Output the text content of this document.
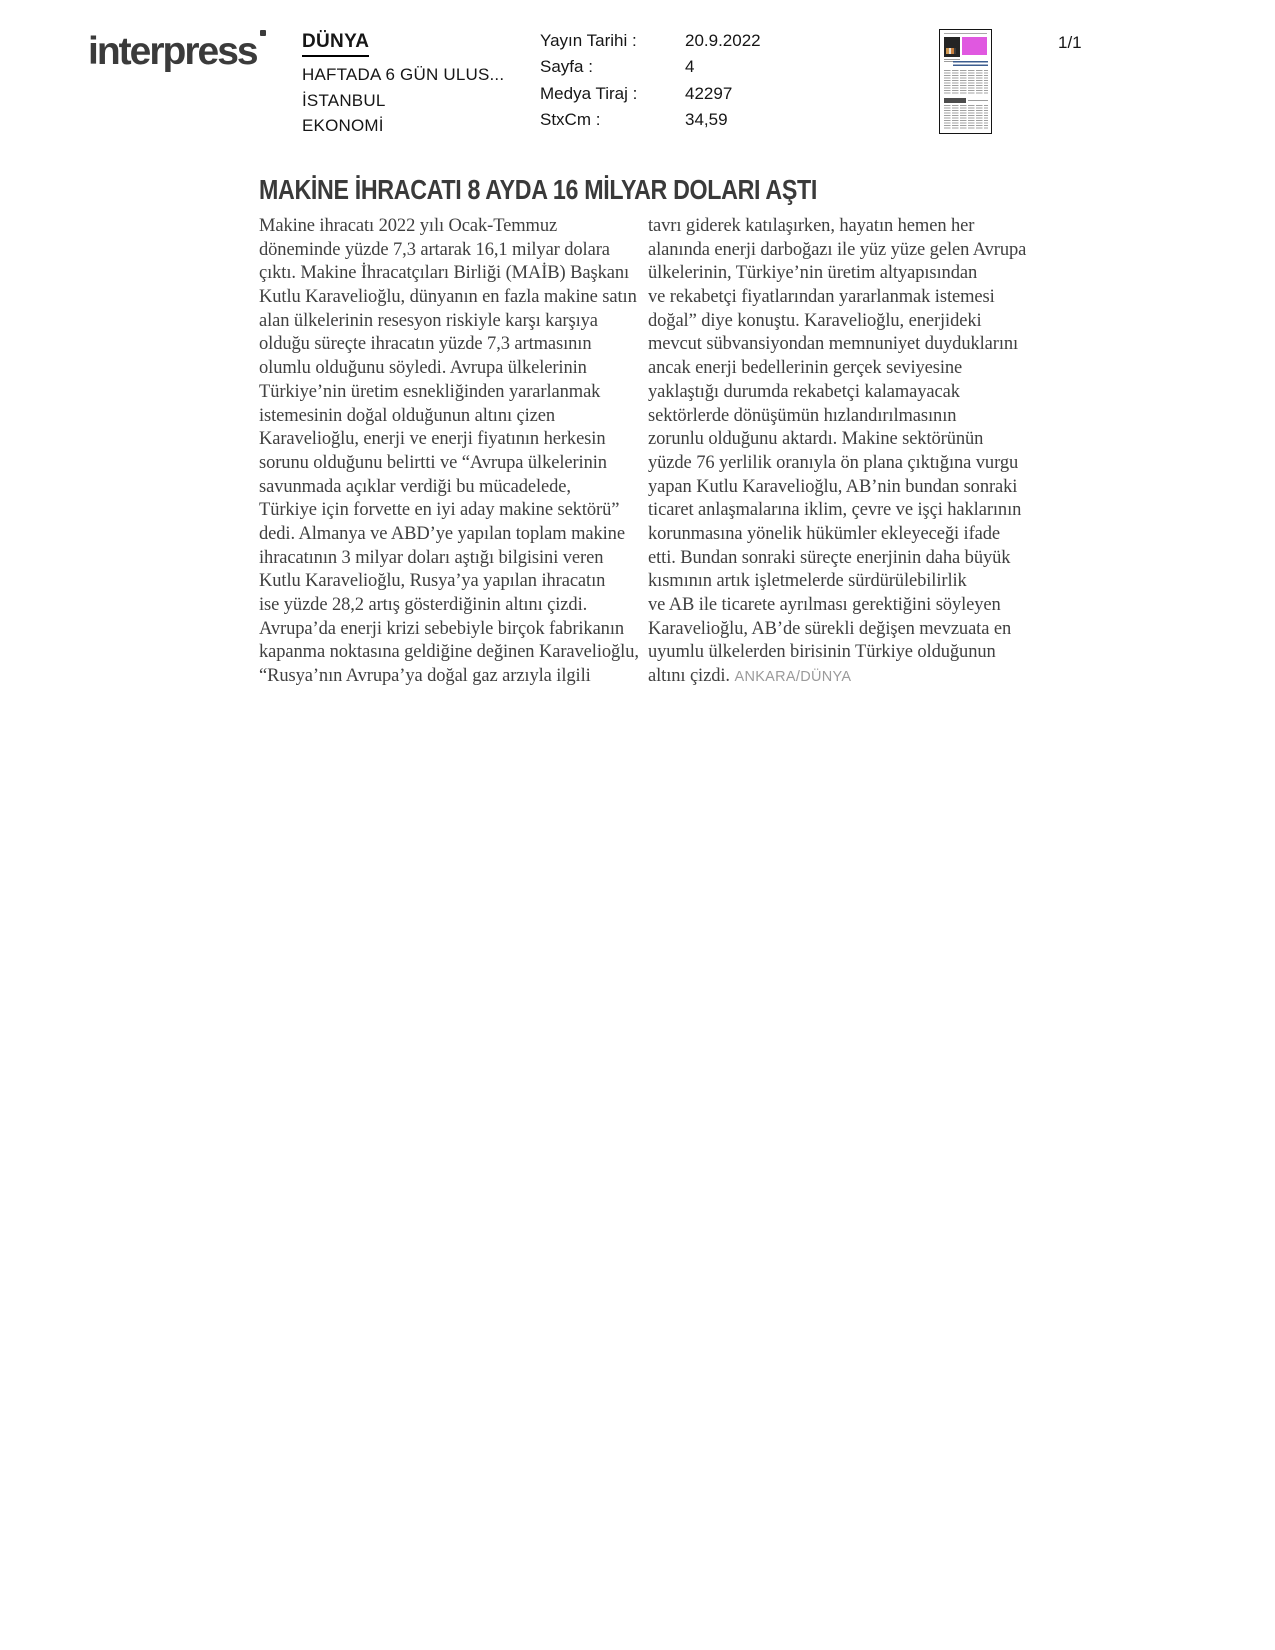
interpress	DÜNYA
HAFTADA 6 GÜN ULUS...
İSTANBUL
EKONOMİ
Yayın Tarihi :	20.9.2022
Sayfa :	4
Medya Tiraj :	42297
StxCm :	34,59
1/1
MAKİNE İHRACATI 8 AYDA 16 MİLYAR DOLARI AŞTI
Makine ihracatı 2022 yılı Ocak-Temmuz
döneminde yüzde 7,3 artarak 16,1 milyar dolara
çıktı. Makine İhracatçıları Birliği (MAİB) Başkanı
Kutlu Karavelioğlu, dünyanın en fazla makine satın
alan ülkelerinin resesyon riskiyle karşı karşıya
olduğu süreçte ihracatın yüzde 7,3 artmasının
olumlu olduğunu söyledi. Avrupa ülkelerinin
Türkiye’nin üretim esnekliğinden yararlanmak
istemesinin doğal olduğunun altını çizen
Karavelioğlu, enerji ve enerji fiyatının herkesin
sorunu olduğunu belirtti ve “Avrupa ülkelerinin
savunmada açıklar verdiği bu mücadelede,
Türkiye için forvette en iyi aday makine sektörü”
dedi. Almanya ve ABD’ye yapılan toplam makine
ihracatının 3 milyar doları aştığı bilgisini veren
Kutlu Karavelioğlu, Rusya’ya yapılan ihracatın
ise yüzde 28,2 artış gösterdiğinin altını çizdi.
Avrupa’da enerji krizi sebebiyle birçok fabrikanın
kapanma noktasına geldiğine değinen Karavelioğlu,
“Rusya’nın Avrupa’ya doğal gaz arzıyla ilgili
tavrı giderek katılaşırken, hayatın hemen her
alanında enerji darboğazı ile yüz yüze gelen Avrupa
ülkelerinin, Türkiye’nin üretim altyapısından
ve rekabetçi fiyatlarından yararlanmak istemesi
doğal” diye konuştu. Karavelioğlu, enerjideki
mevcut sübvansiyondan memnuniyet duyduklarını
ancak enerji bedellerinin gerçek seviyesine
yaklaştığı durumda rekabetçi kalamayacak
sektörlerde dönüşümün hızlandırılmasının
zorunlu olduğunu aktardı. Makine sektörünün
yüzde 76 yerlilik oranıyla ön plana çıktığına vurgu
yapan Kutlu Karavelioğlu, AB’nin bundan sonraki
ticaret anlaşmalarına iklim, çevre ve işçi haklarının
korunmasına yönelik hükümler ekleyeceği ifade
etti. Bundan sonraki süreçte enerjinin daha büyük
kısmının artık işletmelerde sürdürülebilirlik
ve AB ile ticarete ayrılması gerektiğini söyleyen
Karavelioğlu, AB’de sürekli değişen mevzuata en
uyumlu ülkelerden birisinin Türkiye olduğunun
altını çizdi. ANKARA/DÜNYA
